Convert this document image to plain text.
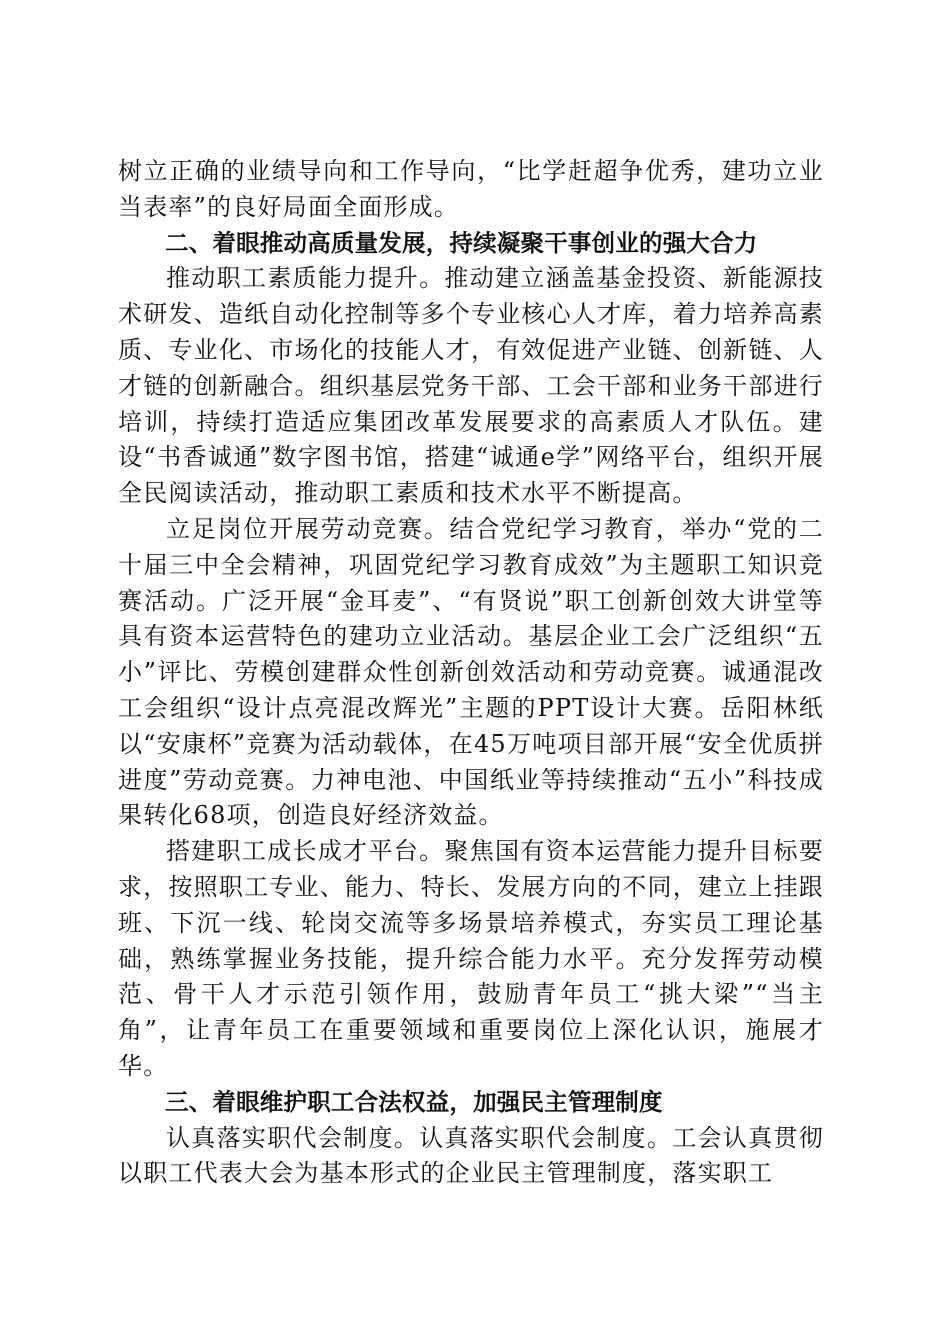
树立正确的业绩导向和工作导向，“比学赶超争优秀，建功立业当表率”的良好局面全面形成。

二、着眼推动高质量发展，持续凝聚干事创业的强大合力

推动职工素质能力提升。推动建立涵盖基金投资、新能源技术研发、造纸自动化控制等多个专业核心人才库，着力培养高素质、专业化、市场化的技能人才，有效促进产业链、创新链、人才链的创新融合。组织基层党务干部、工会干部和业务干部进行培训，持续打造适应集团改革发展要求的高素质人才队伍。建设“书香诚通”数字图书馆，搭建“诚通e学”网络平台，组织开展全民阅读活动，推动职工素质和技术水平不断提高。

立足岗位开展劳动竞赛。结合党纪学习教育，举办“党的二十届三中全会精神，巩固党纪学习教育成效”为主题职工知识竞赛活动。广泛开展“金耳麦”、“有贤说”职工创新创效大讲堂等具有资本运营特色的建功立业活动。基层企业工会广泛组织“五小”评比、劳模创建群众性创新创效活动和劳动竞赛。诚通混改工会组织“设计点亮混改辉光”主题的PPT设计大赛。岳阳林纸以“安康杯”竞赛为活动载体，在45万吨项目部开展“安全优质拼进度”劳动竞赛。力神电池、中国纸业等持续推动“五小”科技成果转化68项，创造良好经济效益。

搭建职工成长成才平台。聚焦国有资本运营能力提升目标要求，按照职工专业、能力、特长、发展方向的不同，建立上挂跟班、下沉一线、轮岗交流等多场景培养模式，夯实员工理论基础，熟练掌握业务技能，提升综合能力水平。充分发挥劳动模范、骨干人才示范引领作用，鼓励青年员工“挑大梁”“当主角”，让青年员工在重要领域和重要岗位上深化认识，施展才华。

三、着眼维护职工合法权益，加强民主管理制度

认真落实职代会制度。认真落实职代会制度。工会认真贯彻以职工代表大会为基本形式的企业民主管理制度，落实职工
